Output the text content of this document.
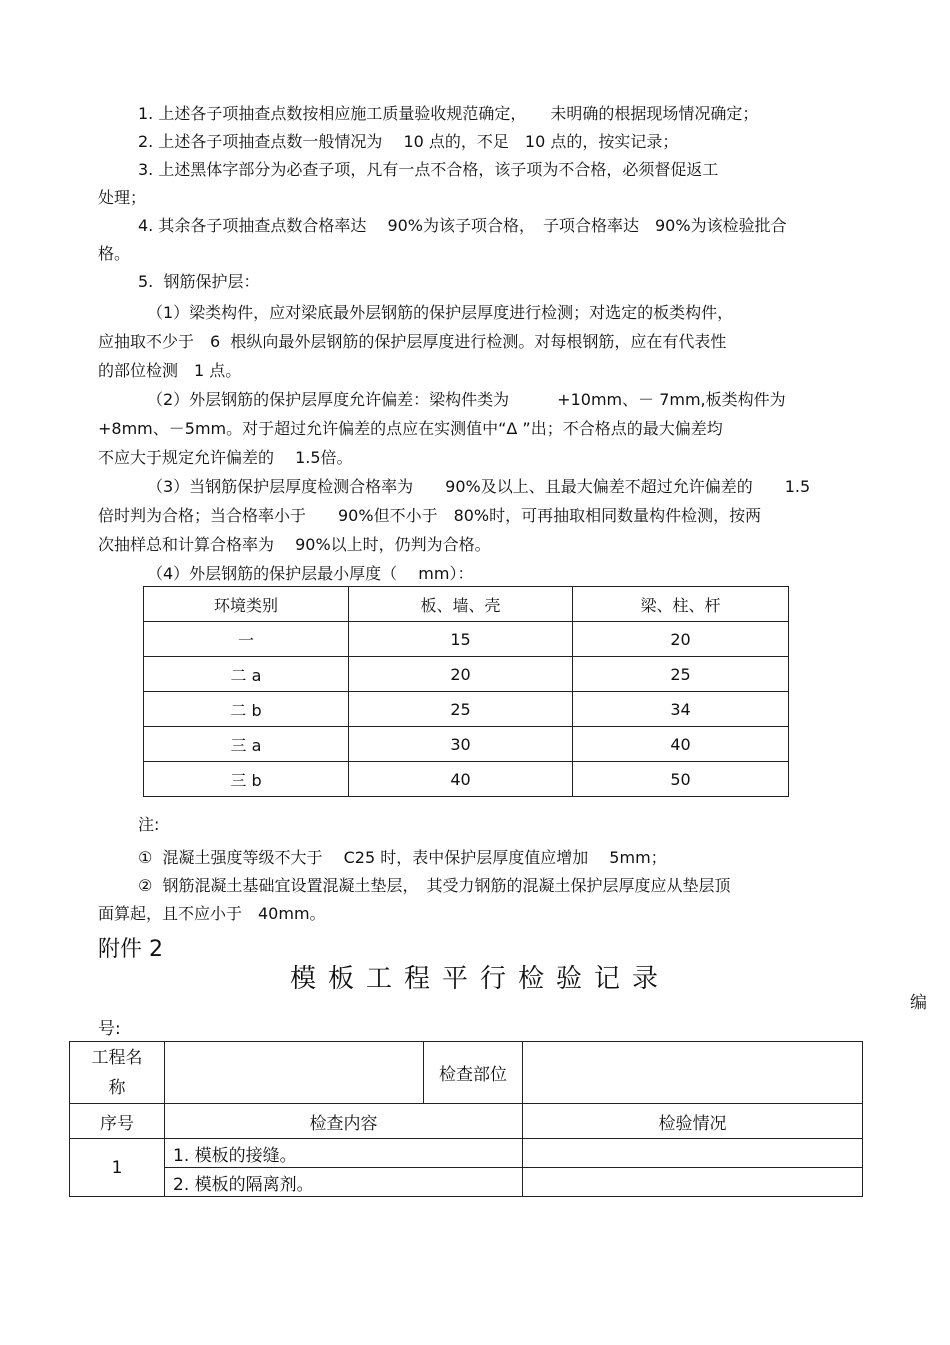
1. 上述各子项抽查点数按相应施工质量验收规范确定，　　未明确的根据现场情况确定；
2. 上述各子项抽查点数一般情况为　 10 点的，不足　10 点的，按实记录；
3. 上述黑体字部分为必查子项，凡有一点不合格，该子项为不合格，必须督促返工
处理；
4. 其余各子项抽查点数合格率达　 90%为该子项合格，　子项合格率达　90%为该检验批合
格。
5.  钢筋保护层：
（1）梁类构件，应对梁底最外层钢筋的保护层厚度进行检测；对选定的板类构件，
应抽取不少于　6  根纵向最外层钢筋的保护层厚度进行检测。对每根钢筋，应在有代表性
的部位检测　1 点。
（2）外层钢筋的保护层厚度允许偏差：梁构件类为　　　+10mm、－ 7mm,板类构件为
+8mm、－5mm。对于超过允许偏差的点应在实测值中“Δ ”出；不合格点的最大偏差均
不应大于规定允许偏差的　 1.5倍。
（3）当钢筋保护层厚度检测合格率为　　90%及以上、且最大偏差不超过允许偏差的　　1.5
倍时判为合格；当合格率小于　　90%但不小于　80%时，可再抽取相同数量构件检测，按两
次抽样总和计算合格率为　 90%以上时，仍判为合格。
（4）外层钢筋的保护层最小厚度（　 mm）：
环境类别	板、墙、壳	梁、柱、杆
一	15	20
二 a	20	25
二 b	25	34
三 a	30	40
三 b	40	50
注:
①  混凝土强度等级不大于　 C25 时，表中保护层厚度值应增加　 5mm；
②  钢筋混凝土基础宜设置混凝土垫层，　其受力钢筋的混凝土保护层厚度应从垫层顶
面算起，且不应小于　40mm。
附件 2
模板工程平行检验记录
编
号:
工程名称		检查部位	
序号	检查内容		检验情况
1	1. 模板的接缝。		
	2. 模板的隔离剂。		
